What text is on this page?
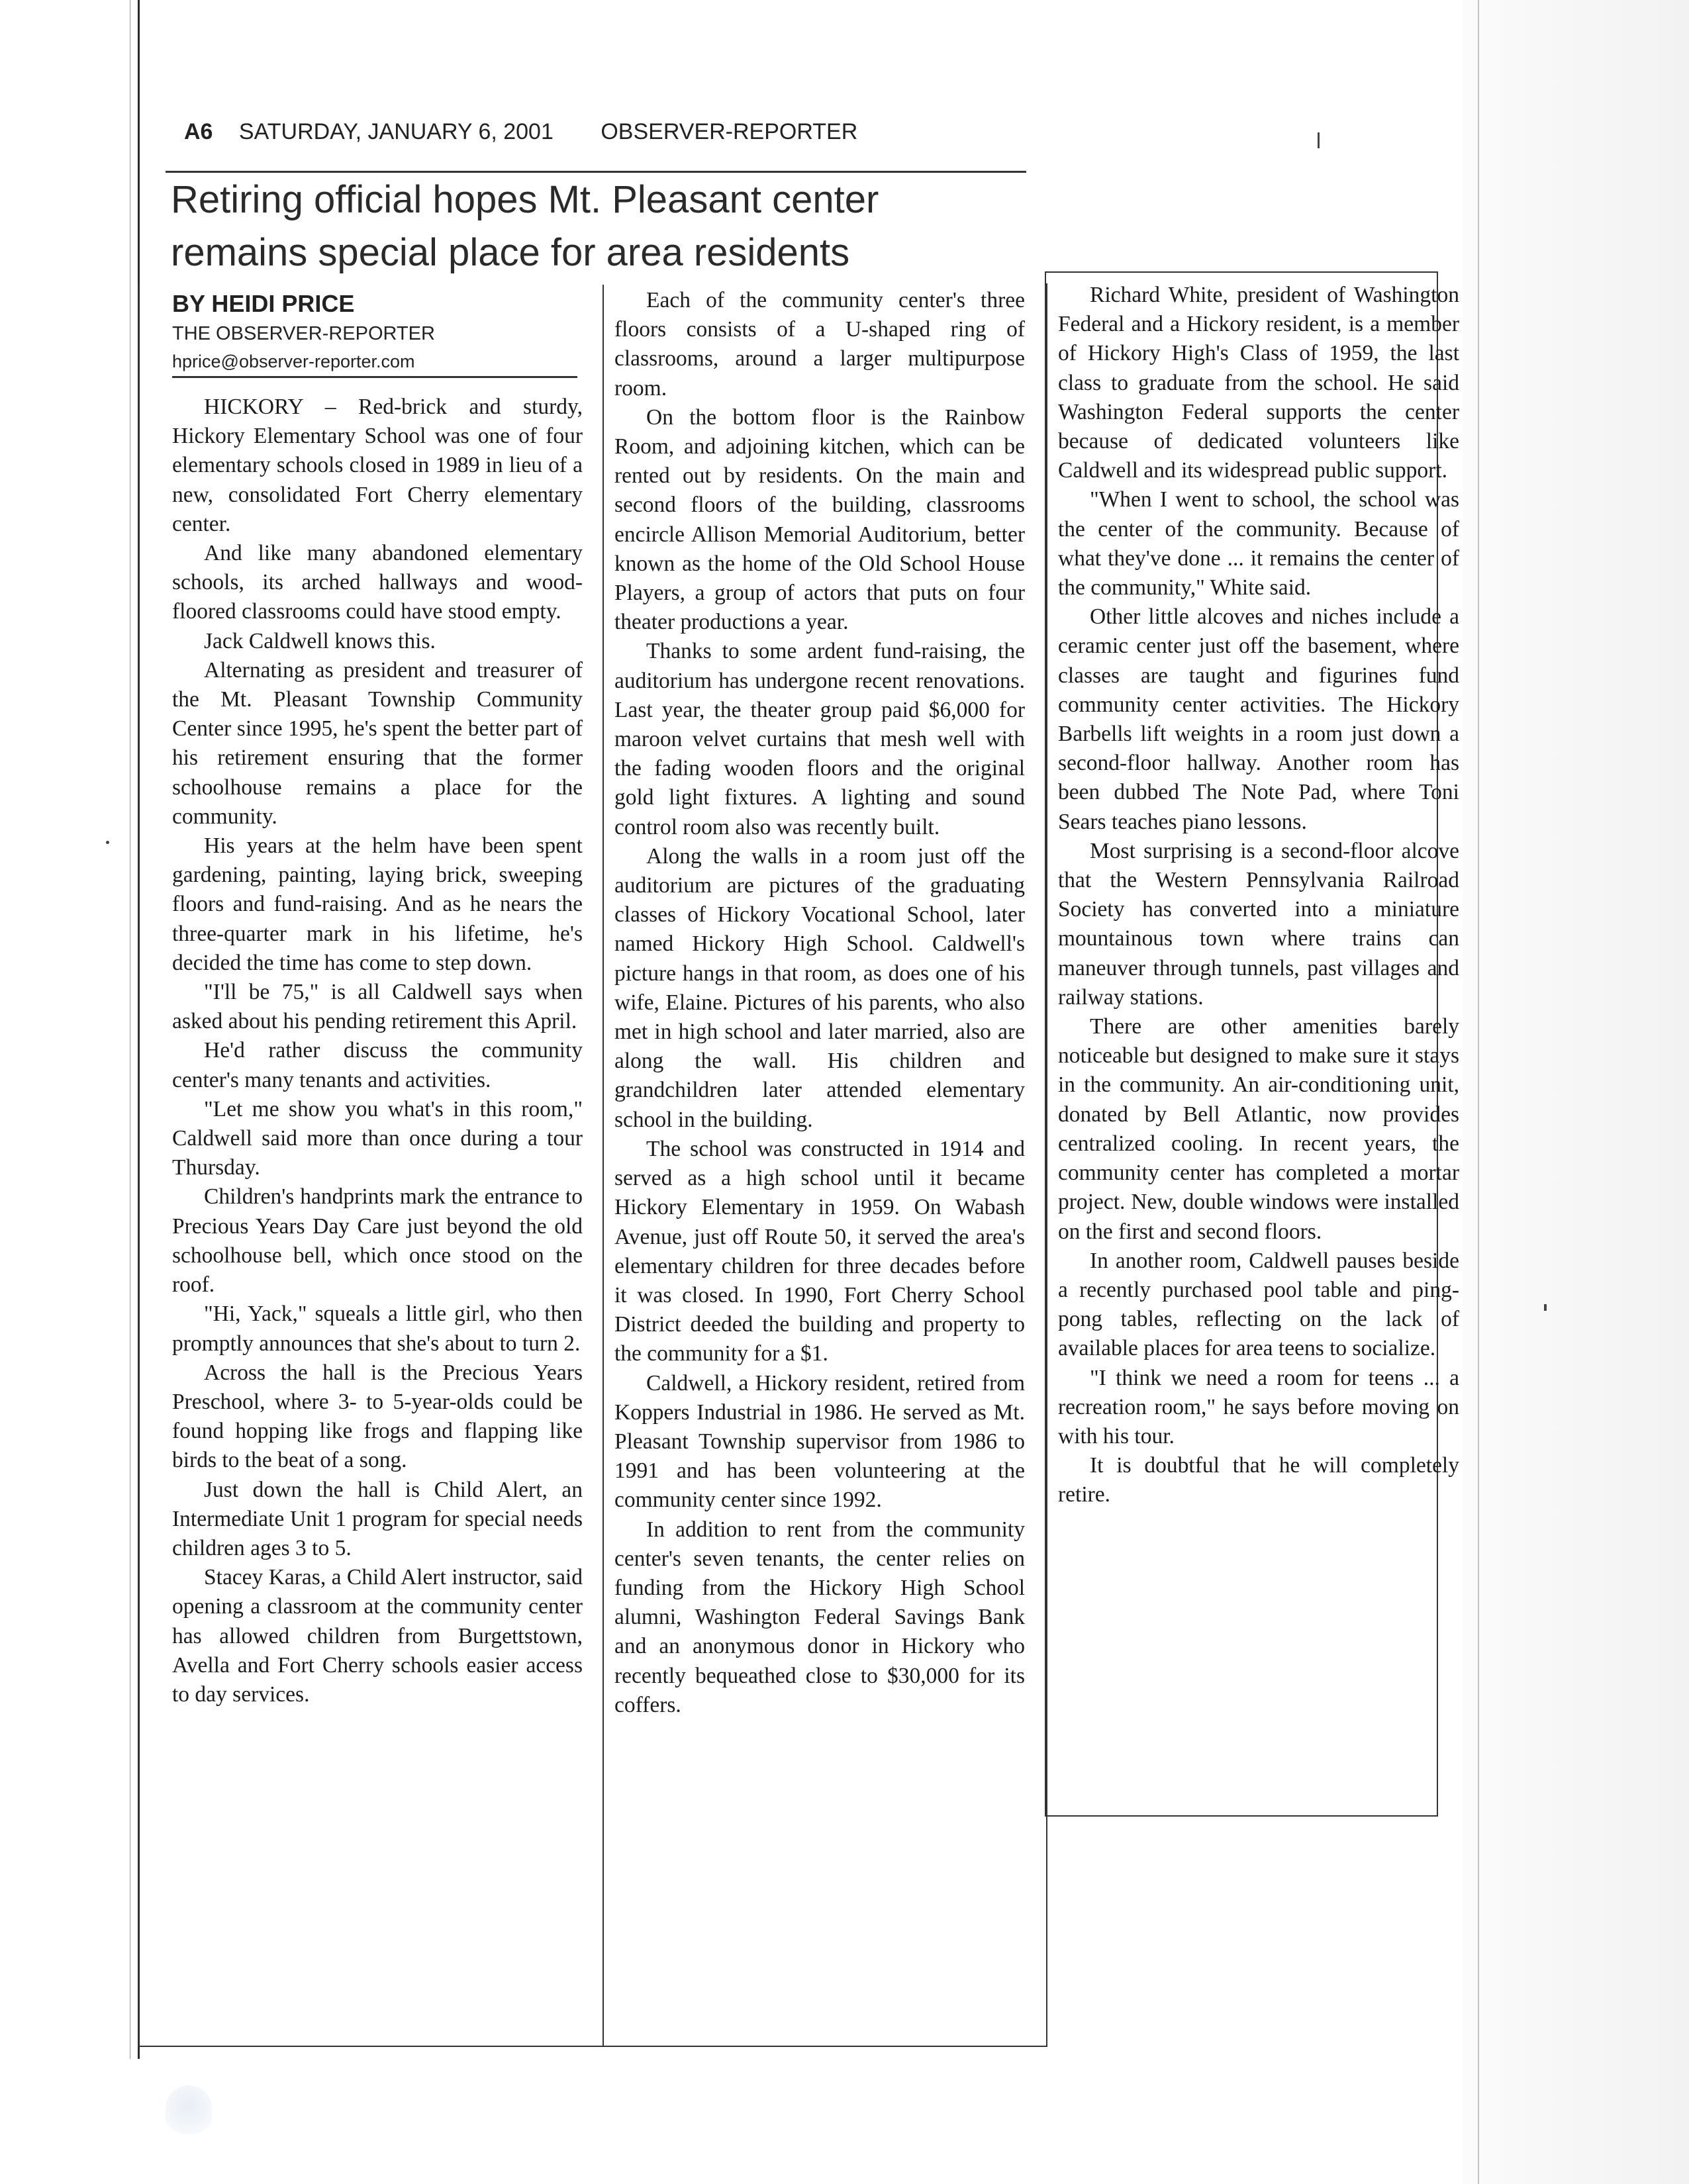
A6 SATURDAY, JANUARY 6, 2001 OBSERVER-REPORTER
Retiring official hopes Mt. Pleasant center
remains special place for area residents
BY HEIDI PRICE
THE OBSERVER-REPORTER
hprice@observer-reporter.com

HICKORY – Red-brick and sturdy, Hickory Elementary School was one of four elementary schools closed in 1989 in lieu of a new, consolidated Fort Cherry elementary center.

And like many abandoned elementary schools, its arched hallways and wood-floored classrooms could have stood empty.

Jack Caldwell knows this.

Alternating as president and treasurer of the Mt. Pleasant Township Community Center since 1995, he's spent the better part of his retirement ensuring that the former schoolhouse remains a place for the community.

His years at the helm have been spent gardening, painting, laying brick, sweeping floors and fund-raising. And as he nears the three-quarter mark in his lifetime, he's decided the time has come to step down.

"I'll be 75," is all Caldwell says when asked about his pending retirement this April.

He'd rather discuss the community center's many tenants and activities.

"Let me show you what's in this room," Caldwell said more than once during a tour Thursday.

Children's handprints mark the entrance to Precious Years Day Care just beyond the old schoolhouse bell, which once stood on the roof.

"Hi, Yack," squeals a little girl, who then promptly announces that she's about to turn 2.

Across the hall is the Precious Years Preschool, where 3- to 5-year-olds could be found hopping like frogs and flapping like birds to the beat of a song.

Just down the hall is Child Alert, an Intermediate Unit 1 program for special needs children ages 3 to 5.

Stacey Karas, a Child Alert instructor, said opening a classroom at the community center has allowed children from Burgettstown, Avella and Fort Cherry schools easier access to day services.

Each of the community center's three floors consists of a U-shaped ring of classrooms, around a larger multipurpose room.

On the bottom floor is the Rainbow Room, and adjoining kitchen, which can be rented out by residents. On the main and second floors of the building, classrooms encircle Allison Memorial Auditorium, better known as the home of the Old School House Players, a group of actors that puts on four theater productions a year.

Thanks to some ardent fund-raising, the auditorium has undergone recent renovations. Last year, the theater group paid $6,000 for maroon velvet curtains that mesh well with the fading wooden floors and the original gold light fixtures. A lighting and sound control room also was recently built.

Along the walls in a room just off the auditorium are pictures of the graduating classes of Hickory Vocational School, later named Hickory High School. Caldwell's picture hangs in that room, as does one of his wife, Elaine. Pictures of his parents, who also met in high school and later married, also are along the wall. His children and grandchildren later attended elementary school in the building.

The school was constructed in 1914 and served as a high school until it became Hickory Elementary in 1959. On Wabash Avenue, just off Route 50, it served the area's elementary children for three decades before it was closed. In 1990, Fort Cherry School District deeded the building and property to the community for a $1.

Caldwell, a Hickory resident, retired from Koppers Industrial in 1986. He served as Mt. Pleasant Township supervisor from 1986 to 1991 and has been volunteering at the community center since 1992.

In addition to rent from the community center's seven tenants, the center relies on funding from the Hickory High School alumni, Washington Federal Savings Bank and an anonymous donor in Hickory who recently bequeathed close to $30,000 for its coffers.

Richard White, president of Washington Federal and a Hickory resident, is a member of Hickory High's Class of 1959, the last class to graduate from the school. He said Washington Federal supports the center because of dedicated volunteers like Caldwell and its widespread public support.

"When I went to school, the school was the center of the community. Because of what they've done ... it remains the center of the community," White said.

Other little alcoves and niches include a ceramic center just off the basement, where classes are taught and figurines fund community center activities. The Hickory Barbells lift weights in a room just down a second-floor hallway. Another room has been dubbed The Note Pad, where Toni Sears teaches piano lessons.

Most surprising is a second-floor alcove that the Western Pennsylvania Railroad Society has converted into a miniature mountainous town where trains can maneuver through tunnels, past villages and railway stations.

There are other amenities barely noticeable but designed to make sure it stays in the community. An air-conditioning unit, donated by Bell Atlantic, now provides centralized cooling. In recent years, the community center has completed a mortar project. New, double windows were installed on the first and second floors.

In another room, Caldwell pauses beside a recently purchased pool table and ping-pong tables, reflecting on the lack of available places for area teens to socialize.

"I think we need a room for teens ... a recreation room," he says before moving on with his tour.

It is doubtful that he will completely retire.
